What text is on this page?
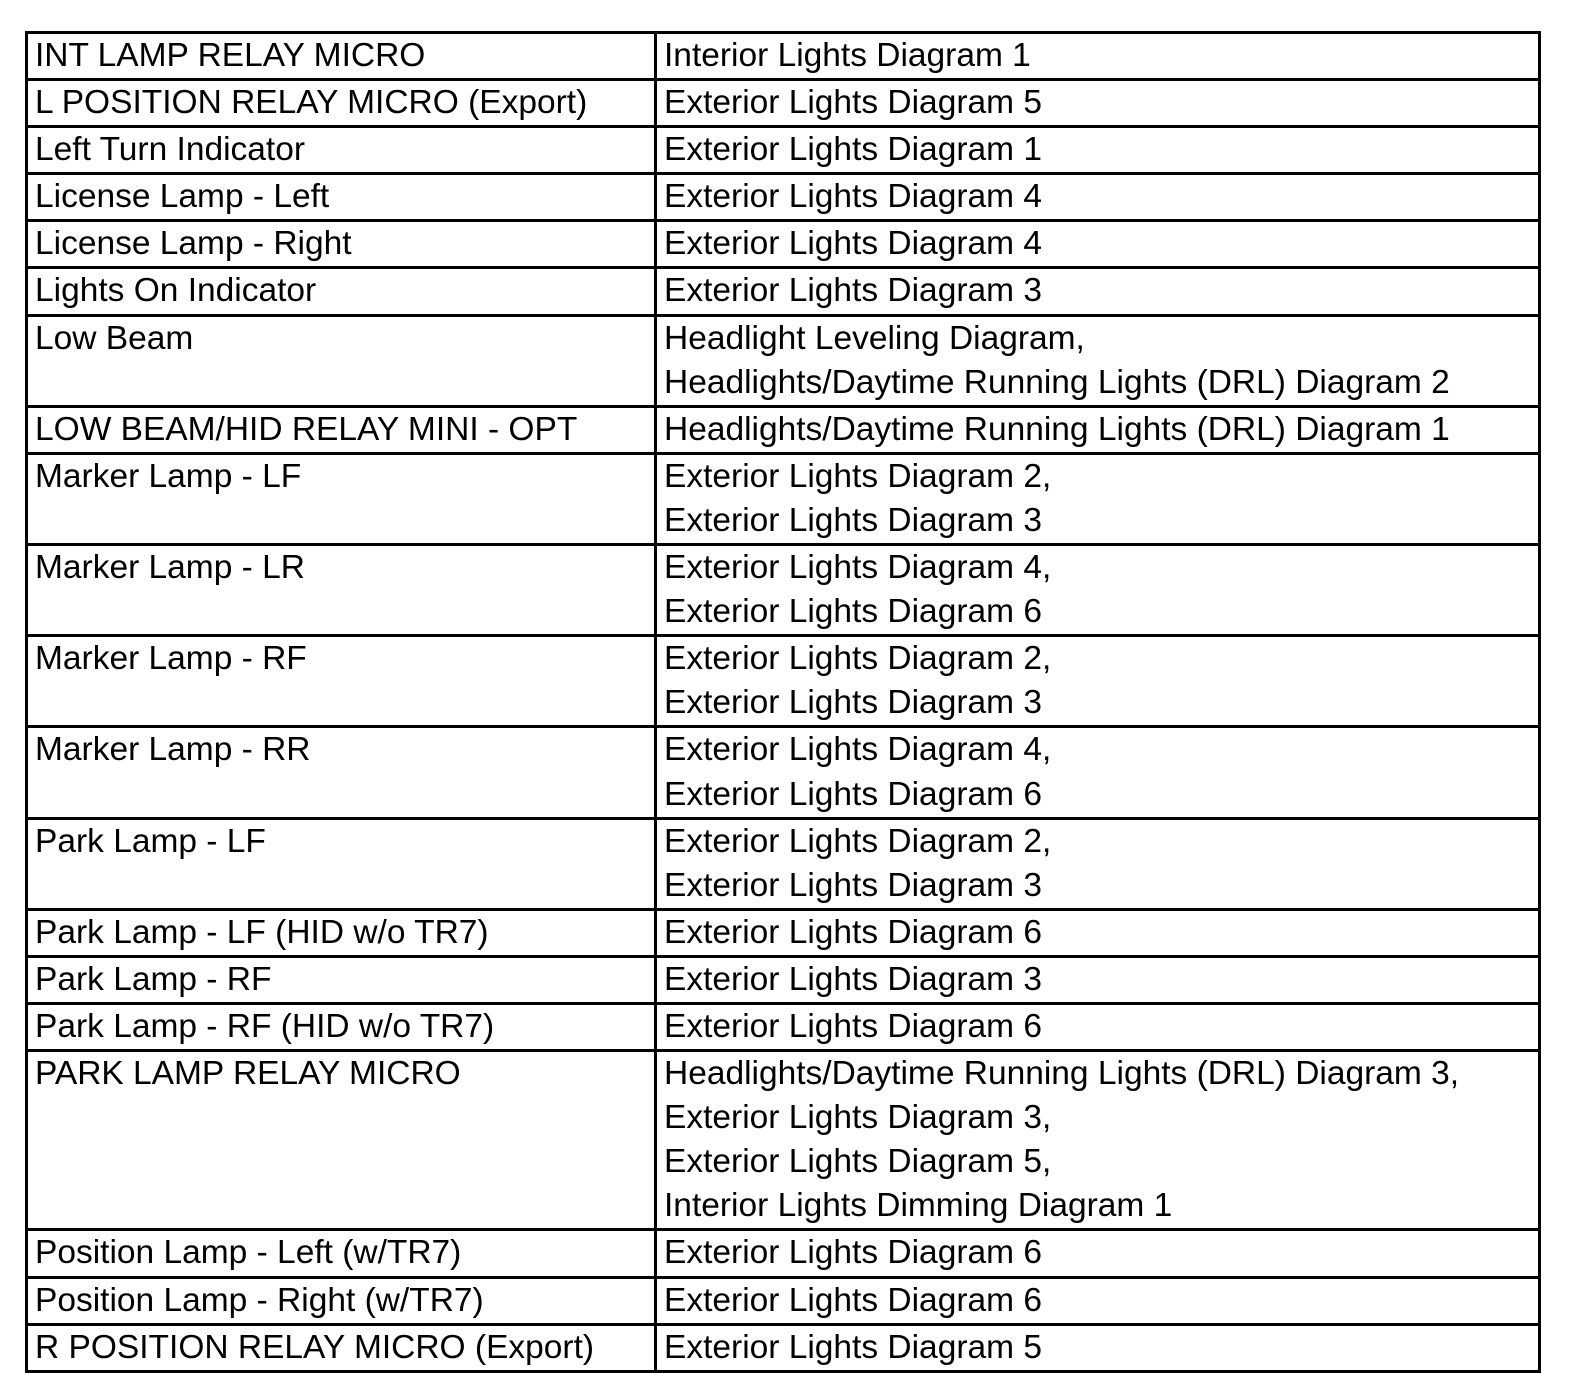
INT LAMP RELAY MICRO	Interior Lights Diagram 1

L POSITION RELAY MICRO (Export)	Exterior Lights Diagram 5

Left Turn Indicator	Exterior Lights Diagram 1

License Lamp - Left	Exterior Lights Diagram 4

License Lamp - Right	Exterior Lights Diagram 4

Lights On Indicator	Exterior Lights Diagram 3

Low Beam	Headlight Leveling Diagram,
Headlights/Daytime Running Lights (DRL) Diagram 2

LOW BEAM/HID RELAY MINI - OPT	Headlights/Daytime Running Lights (DRL) Diagram 1

Marker Lamp - LF	Exterior Lights Diagram 2,
Exterior Lights Diagram 3

Marker Lamp - LR	Exterior Lights Diagram 4,
Exterior Lights Diagram 6

Marker Lamp - RF	Exterior Lights Diagram 2,
Exterior Lights Diagram 3

Marker Lamp - RR	Exterior Lights Diagram 4,
Exterior Lights Diagram 6

Park Lamp - LF	Exterior Lights Diagram 2,
Exterior Lights Diagram 3

Park Lamp - LF (HID w/o TR7)	Exterior Lights Diagram 6

Park Lamp - RF	Exterior Lights Diagram 3

Park Lamp - RF (HID w/o TR7)	Exterior Lights Diagram 6

PARK LAMP RELAY MICRO	Headlights/Daytime Running Lights (DRL) Diagram 3,
Exterior Lights Diagram 3,
Exterior Lights Diagram 5,
Interior Lights Dimming Diagram 1

Position Lamp - Left (w/TR7)	Exterior Lights Diagram 6

Position Lamp - Right (w/TR7)	Exterior Lights Diagram 6

R POSITION RELAY MICRO (Export)	Exterior Lights Diagram 5
